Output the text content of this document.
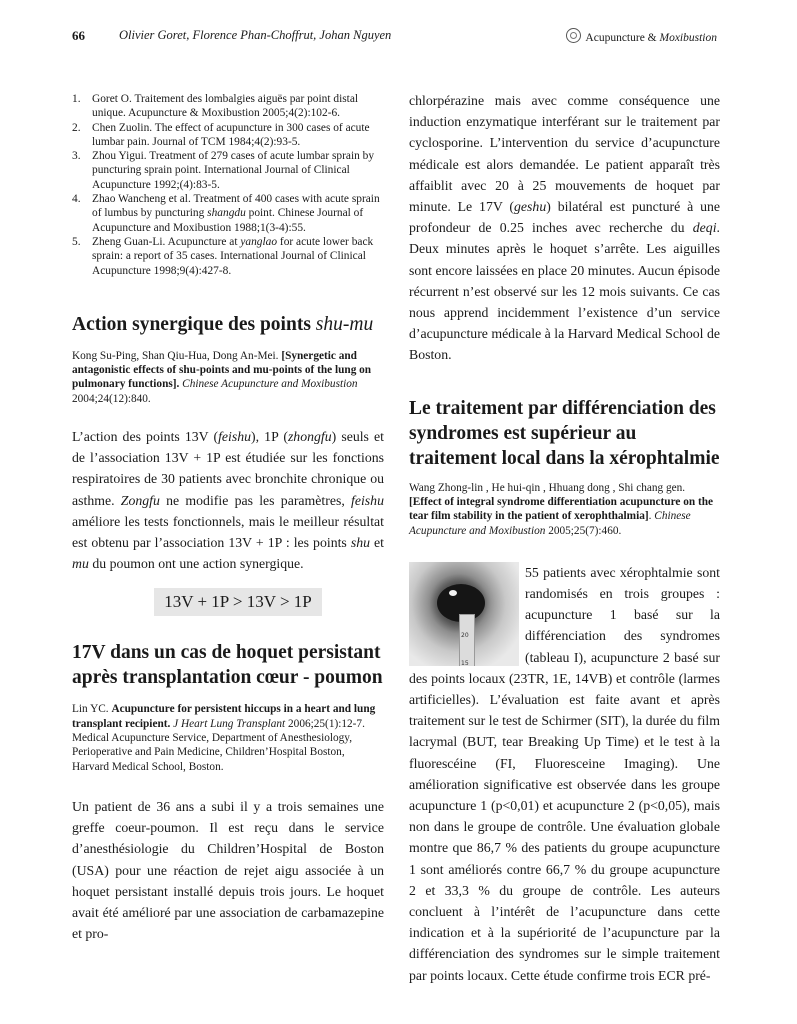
66	Olivier Goret, Florence Phan-Choffrut, Johan Nguyen	Acupuncture & Moxibustion
1. Goret O. Traitement des lombalgies aiguës par point distal unique. Acupuncture & Moxibustion 2005;4(2):102-6.
2. Chen Zuolin. The effect of acupuncture in 300 cases of acute lumbar pain. Journal of TCM 1984;4(2):93-5.
3. Zhou Yigui. Treatment of 279 cases of acute lumbar sprain by puncturing sprain point. International Journal of Clinical Acupuncture 1992;(4):83-5.
4. Zhao Wancheng et al. Treatment of 400 cases with acute sprain of lumbus by puncturing shangdu point. Chinese Journal of Acupuncture and Moxibustion 1988;1(3-4):55.
5. Zheng Guan-Li. Acupuncture at yanglao for acute lower back sprain: a report of 35 cases. International Journal of Clinical Acupuncture 1998;9(4):427-8.
Action synergique des points shu-mu
Kong Su-Ping, Shan Qiu-Hua, Dong An-Mei. [Synergetic and antagonistic effects of shu-points and mu-points of the lung on pulmonary functions]. Chinese Acupuncture and Moxibustion 2004;24(12):840.
L’action des points 13V (feishu), 1P (zhongfu) seuls et de l’association 13V + 1P est étudiée sur les fonctions respiratoires de 30 patients avec bronchite chronique ou asthme. Zongfu ne modifie pas les paramètres, feishu améliore les tests fonctionnels, mais le meilleur résultat est obtenu par l’association 13V + 1P : les points shu et mu du poumon ont une action synergique.
13V + 1P > 13V > 1P
17V dans un cas de hoquet persistant après transplantation cœur - poumon
Lin YC. Acupuncture for persistent hiccups in a heart and lung transplant recipient. J Heart Lung Transplant 2006;25(1):12-7.
Medical Acupuncture Service, Department of Anesthesiology, Perioperative and Pain Medicine, Children’Hospital Boston, Harvard Medical School, Boston.
Un patient de 36 ans a subi il y a trois semaines une greffe coeur-poumon. Il est reçu dans le service d’anesthésiologie du Children’Hospital de Boston (USA) pour une réaction de rejet aigu associée à un hoquet persistant installé depuis trois jours. Le hoquet avait été amélioré par une association de carbamazepine et pro-
chlorpérazine mais avec comme conséquence une induction enzymatique interférant sur le traitement par cyclosporine. L’intervention du service d’acupuncture médicale est alors demandée. Le patient apparaît très affaiblit avec 20 à 25 mouvements de hoquet par minute. Le 17V (geshu) bilatéral est puncturé à une profondeur de 0.25 inches avec recherche du deqi. Deux minutes après le hoquet s’arrête. Les aiguilles sont encore laissées en place 20 minutes. Aucun épisode récurrent n’est observé sur les 12 mois suivants. Ce cas nous apprend incidemment l’existence d’un service d’acupuncture médicale à la Harvard Medical School de Boston.
Le traitement par différenciation des syndromes est supérieur au traitement local dans la xérophtalmie
Wang Zhong-lin , He hui-qin , Hhuang dong , Shi chang gen. [Effect of integral syndrome differentiation acupuncture on the tear film stability in the patient of xerophthalmia]. Chinese Acupuncture and Moxibustion 2005;25(7):460.
20
15
55 patients avec xérophtalmie sont randomisés en trois groupes : acupuncture 1 basé sur la différenciation des syndromes (tableau I), acupuncture 2 basé sur des points locaux (23TR, 1E, 14VB) et contrôle (larmes artificielles). L’évaluation est faite avant et après traitement sur le test de Schirmer (SIT), la durée du film lacrymal (BUT, tear Breaking Up Time) et le test à la fluorescéine (FI, Fluoresceine Imaging). Une amélioration significative est observée dans les groupe acupuncture 1 (p<0,01) et acupuncture 2 (p<0,05), mais non dans le groupe de contrôle. Une évaluation globale montre que 86,7 % des patients du groupe acupuncture 1 sont améliorés contre 66,7 % du groupe acupuncture 2 et 33,3 % du groupe de contrôle. Les auteurs concluent à l’intérêt de l’acupuncture dans cette indication et à la supériorité de l’acupuncture par la différenciation des syndromes sur le simple traitement par points locaux. Cette étude confirme trois ECR pré-
